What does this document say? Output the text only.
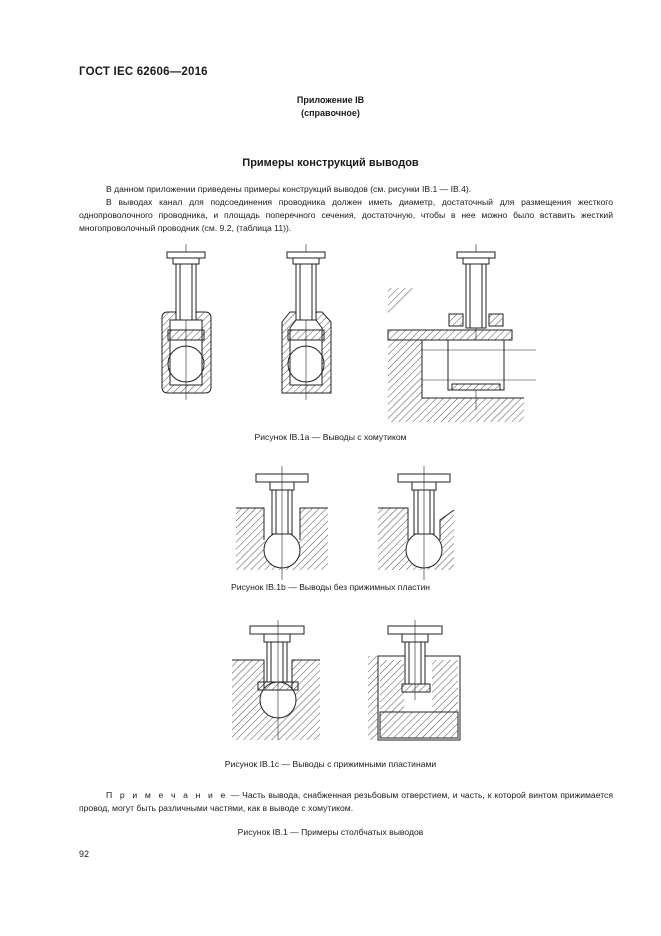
ГОСТ IEC 62606—2016
Приложение IB
(справочное)
Примеры конструкций выводов
В данном приложении приведены примеры конструкций выводов (см. рисунки IB.1 — IB.4).
В выводах канал для подсоединения проводника должен иметь диаметр, достаточный для размещения жесткого однопроволочного проводника, и площадь поперечного сечения, достаточную, чтобы в нее можно было вставить жесткий многопроволочный проводник (см. 9.2, (таблица 11)).
Рисунок IB.1a — Выводы с хомутиком
Рисунок IB.1b — Выводы без прижимных пластин
Рисунок IB.1c — Выводы с прижимными пластинами
П р и м е ч а н и е — Часть вывода, снабженная резьбовым отверстием, и часть, к которой винтом прижимается провод, могут быть различными частями, как в выводе с хомутиком.
Рисунок IB.1 — Примеры столбчатых выводов
92
